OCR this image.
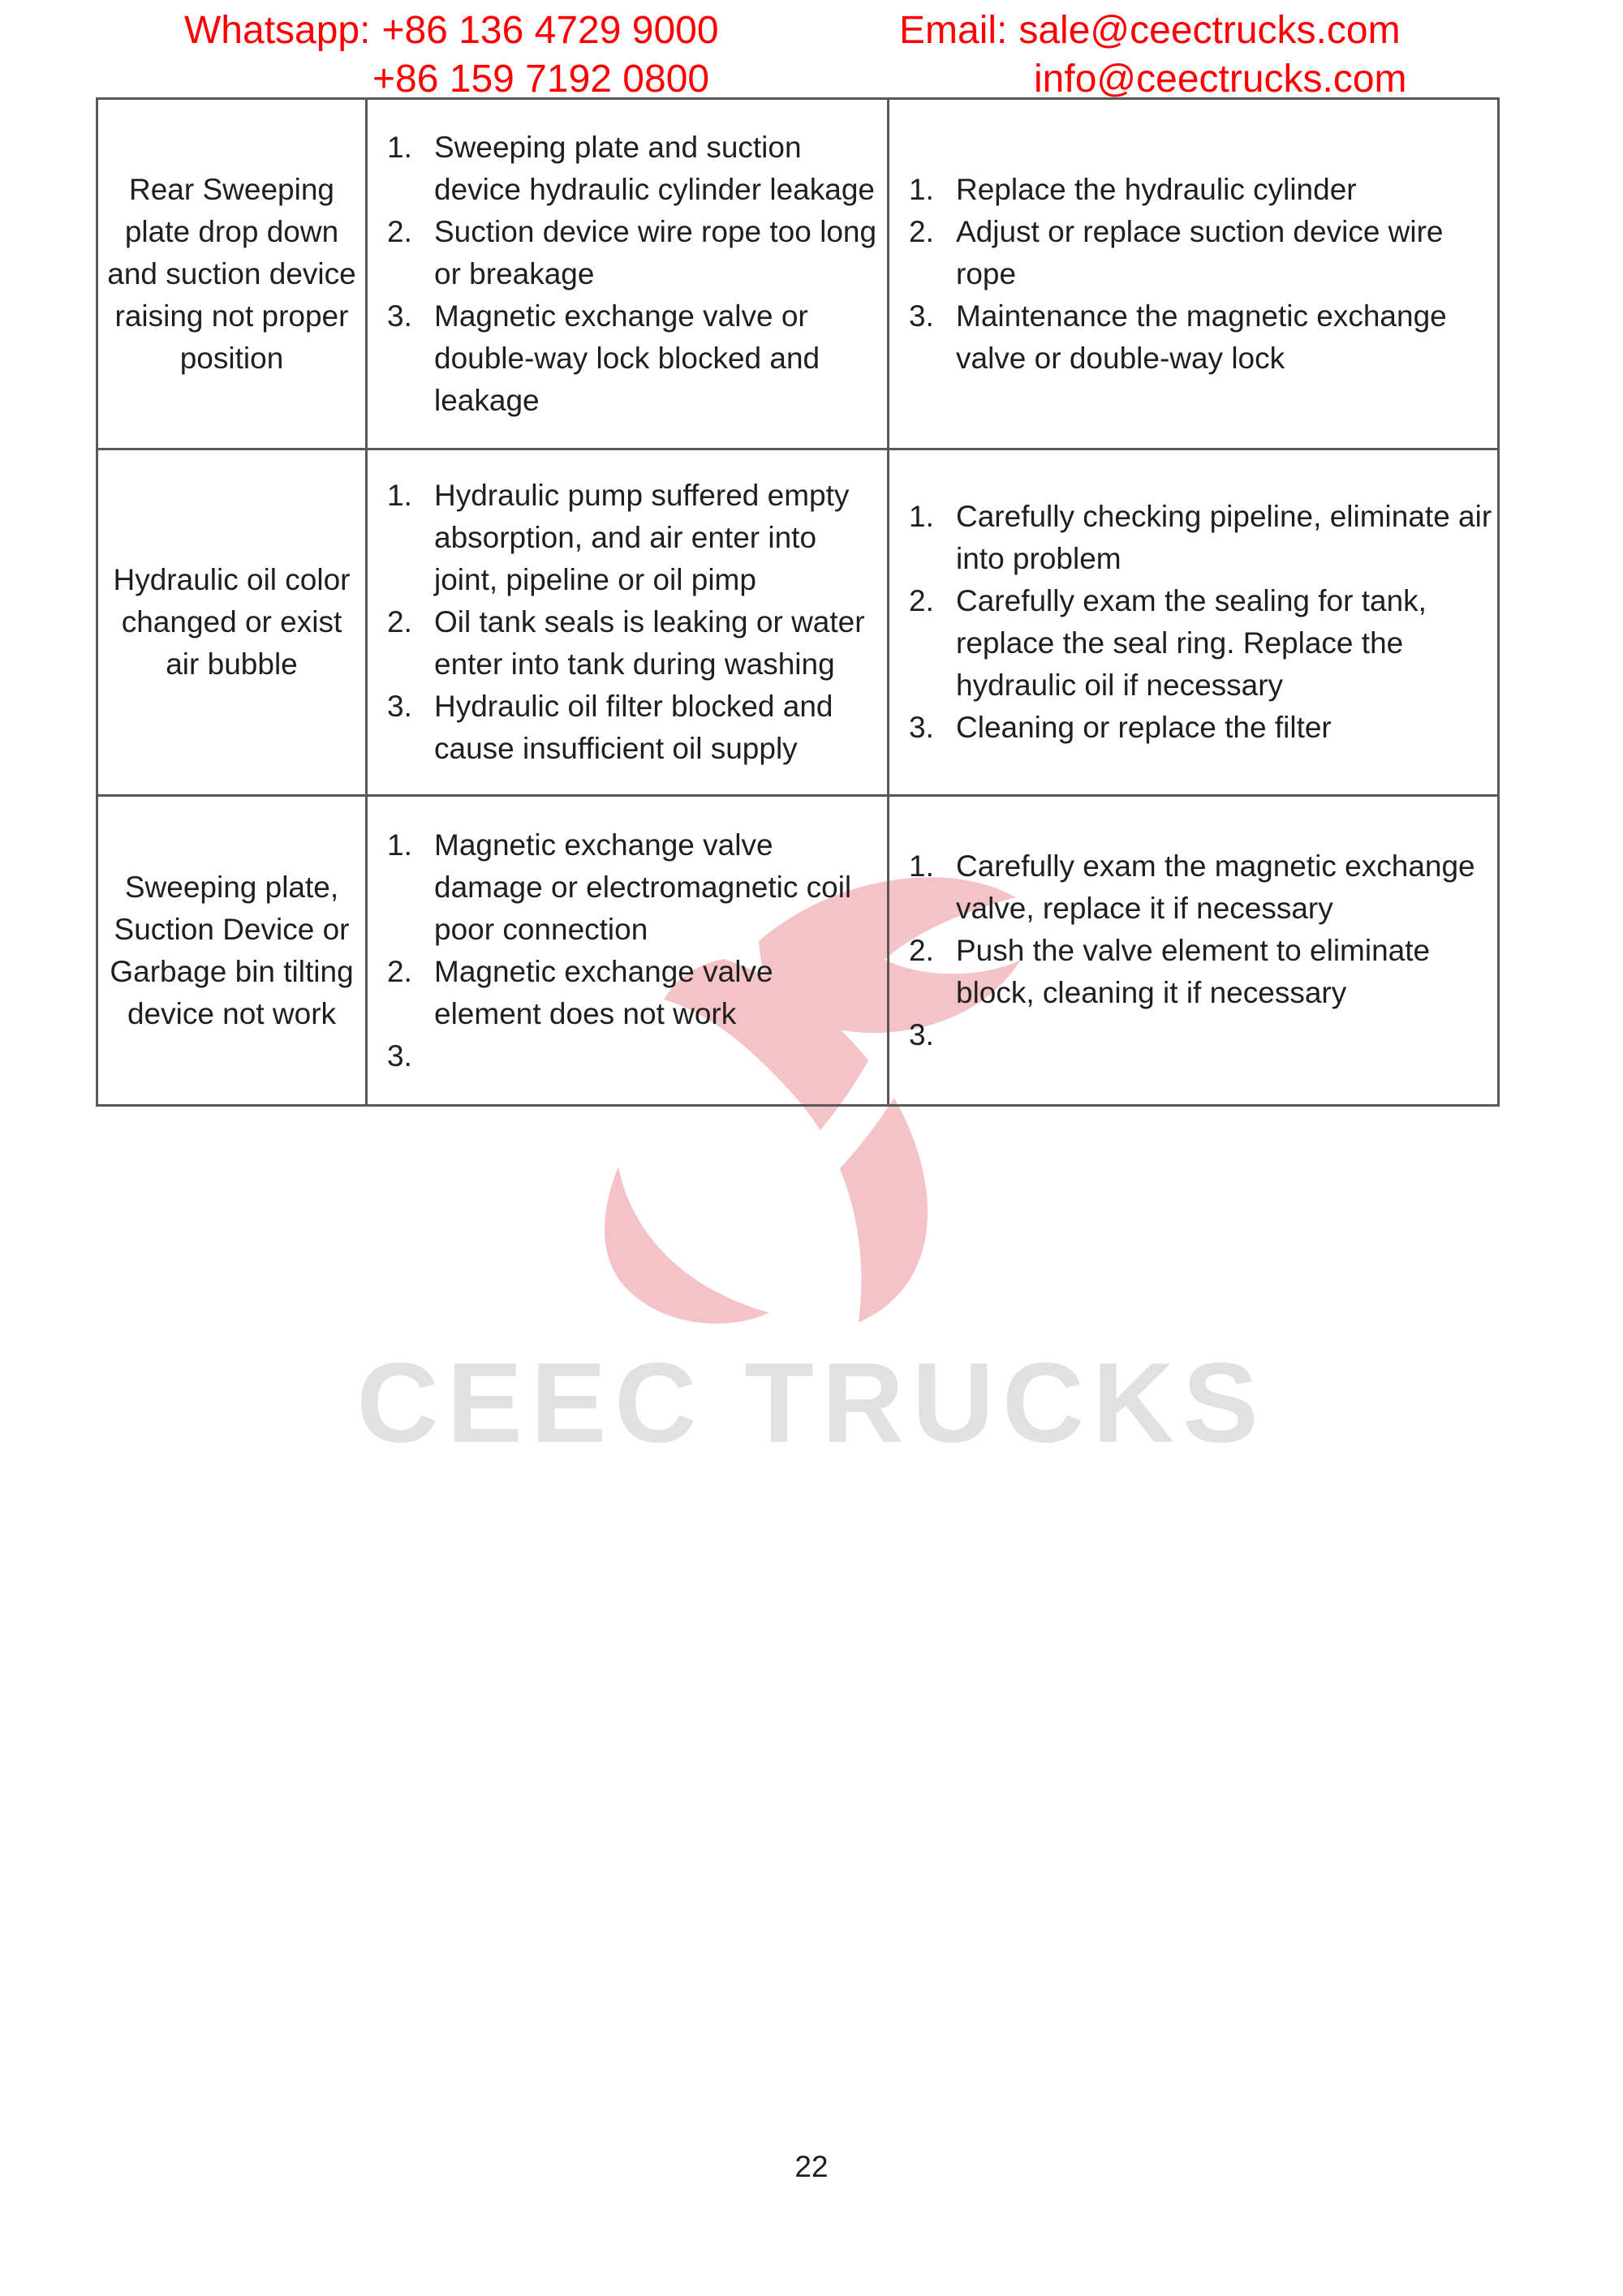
CEEC TRUCKS
Whatsapp: +86 136 4729 9000
+86 159 7192 0800
Email: sale@ceectrucks.com
info@ceectrucks.com
Rear Sweeping plate drop down and suction device raising not proper position
1. Sweeping plate and suction device hydraulic cylinder leakage
2. Suction device wire rope too long or breakage
3. Magnetic exchange valve or double-way lock blocked and leakage
1. Replace the hydraulic cylinder
2. Adjust or replace suction device wire rope
3. Maintenance the magnetic exchange valve or double-way lock
Hydraulic oil color changed or exist air bubble
1. Hydraulic pump suffered empty absorption, and air enter into joint, pipeline or oil pimp
2. Oil tank seals is leaking or water enter into tank during washing
3. Hydraulic oil filter blocked and cause insufficient oil supply
1. Carefully checking pipeline, eliminate air into problem
2. Carefully exam the sealing for tank, replace the seal ring. Replace the hydraulic oil if necessary
3. Cleaning or replace the filter
Sweeping plate, Suction Device or Garbage bin tilting device not work
1. Magnetic exchange valve damage or electromagnetic coil poor connection
2. Magnetic exchange valve element does not work
3.
1. Carefully exam the magnetic exchange valve, replace it if necessary
2. Push the valve element to eliminate block, cleaning it if necessary
3.
22
